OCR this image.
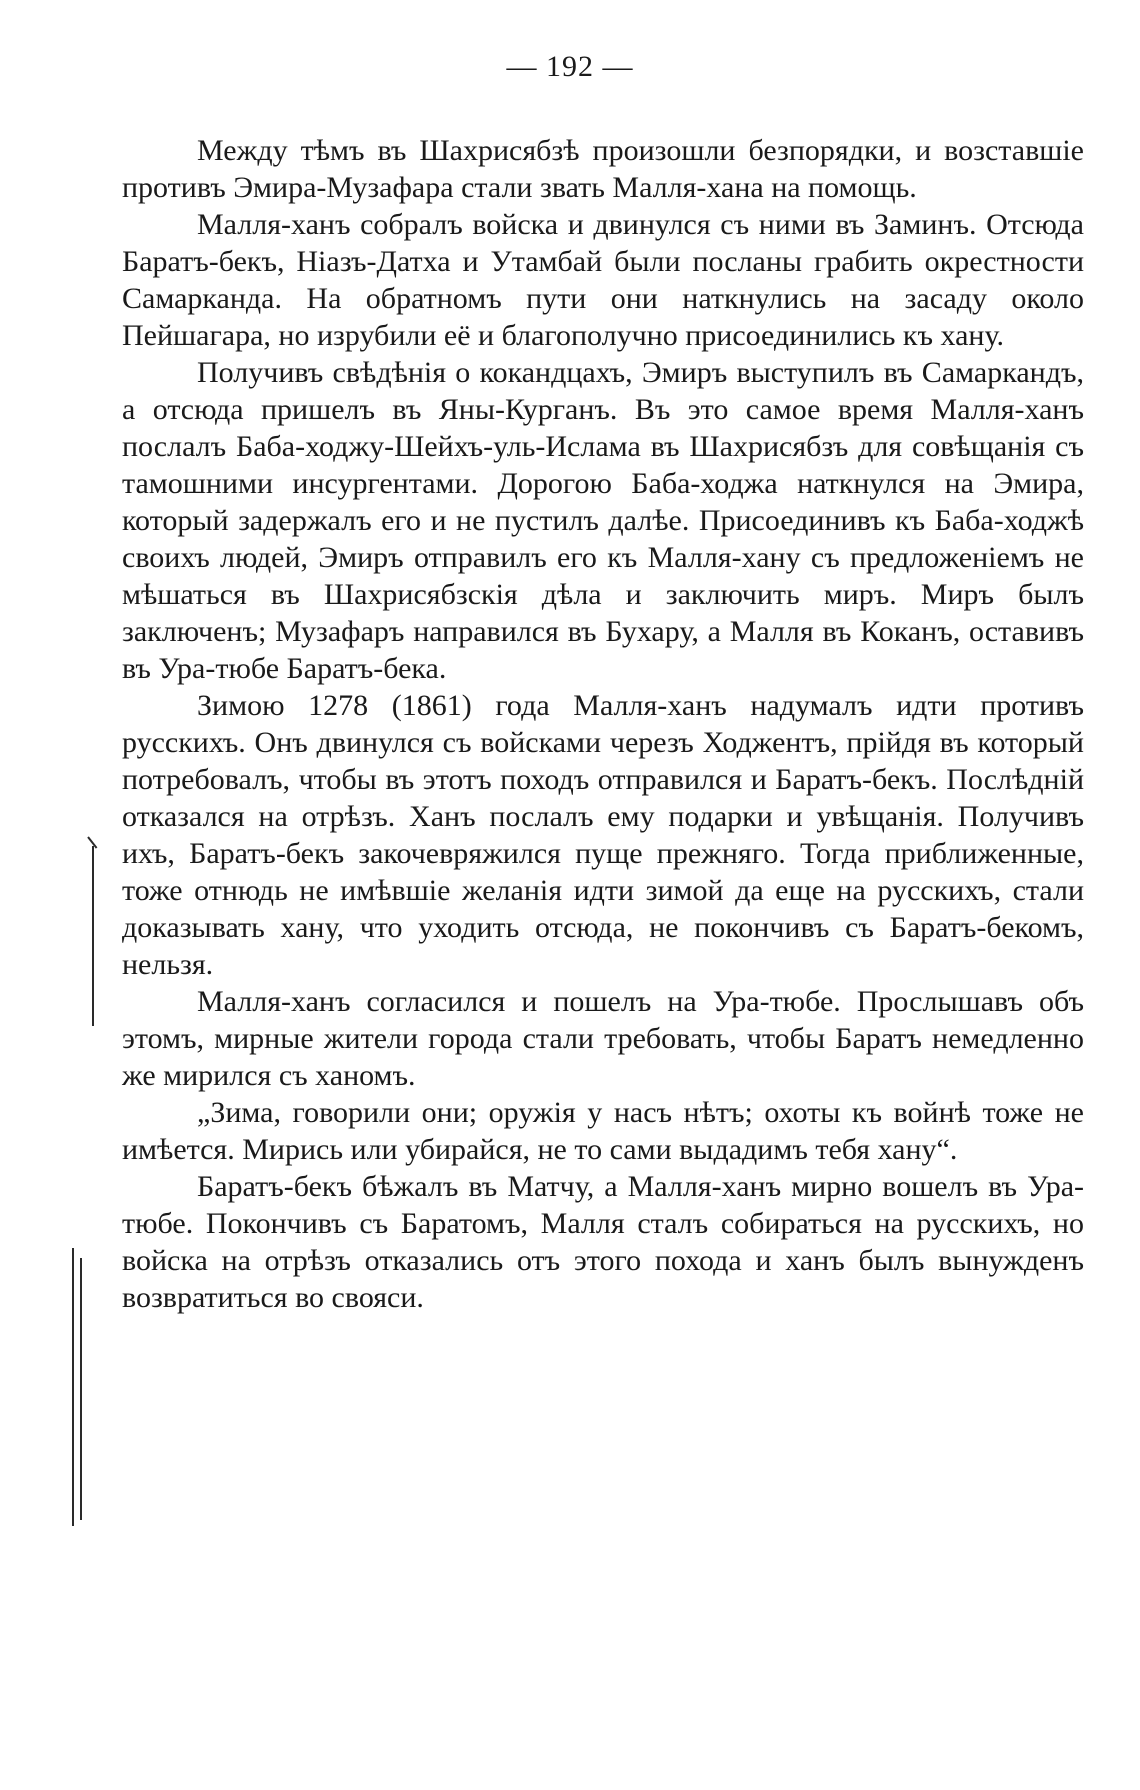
— 192 —

Между тѣмъ въ Шахрисябзѣ произошли безпорядки, и возставшіе противъ Эмира-Музафара стали звать Малля-хана на помощь.

Малля-ханъ собралъ войска и двинулся съ ними въ Заминъ. Отсюда Баратъ-бекъ, Ніазъ-Датха и Утамбай были посланы грабить окрестности Самарканда. На обратномъ пути они наткнулись на засаду около Пейшагара, но изрубили её и благополучно присоединились къ хану.

Получивъ свѣдѣнія о кокандцахъ, Эмиръ выступилъ въ Самаркандъ, а отсюда пришелъ въ Яны-Курганъ. Въ это самое время Малля-ханъ послалъ Баба-ходжу-Шейхъ-уль-Ислама въ Шахрисябзъ для совѣщанія съ тамошними инсургентами. Дорогою Баба-ходжа наткнулся на Эмира, который задержалъ его и не пустилъ далѣе. Присоединивъ къ Баба-ходжѣ своихъ людей, Эмиръ отправилъ его къ Малля-хану съ предложеніемъ не мѣшаться въ Шахрисябзскія дѣла и заключить миръ. Миръ былъ заключенъ; Музафаръ направился въ Бухару, а Малля въ Коканъ, оставивъ въ Ура-тюбе Баратъ-бека.

Зимою 1278 (1861) года Малля-ханъ надумалъ идти противъ русскихъ. Онъ двинулся съ войсками черезъ Ходжентъ, прійдя въ который потребовалъ, чтобы въ этотъ походъ отправился и Баратъ-бекъ. Послѣдній отказался на отрѣзъ. Ханъ послалъ ему подарки и увѣщанія. Получивъ ихъ, Баратъ-бекъ закочевряжился пуще прежняго. Тогда приближенные, тоже отнюдь не имѣвшіе желанія идти зимой да еще на русскихъ, стали доказывать хану, что уходить отсюда, не покончивъ съ Баратъ-бекомъ, нельзя.

Малля-ханъ согласился и пошелъ на Ура-тюбе. Прослышавъ объ этомъ, мирные жители города стали требовать, чтобы Баратъ немедленно же мирился съ ханомъ.

„Зима, говорили они; оружія у насъ нѣтъ; охоты къ войнѣ тоже не имѣется. Мирись или убирайся, не то сами выдадимъ тебя хану“.

Баратъ-бекъ бѣжалъ въ Матчу, а Малля-ханъ мирно вошелъ въ Ура-тюбе. Покончивъ съ Баратомъ, Малля сталъ собираться на русскихъ, но войска на отрѣзъ отказались отъ этого похода и ханъ былъ вынужденъ возвратиться во свояси.
